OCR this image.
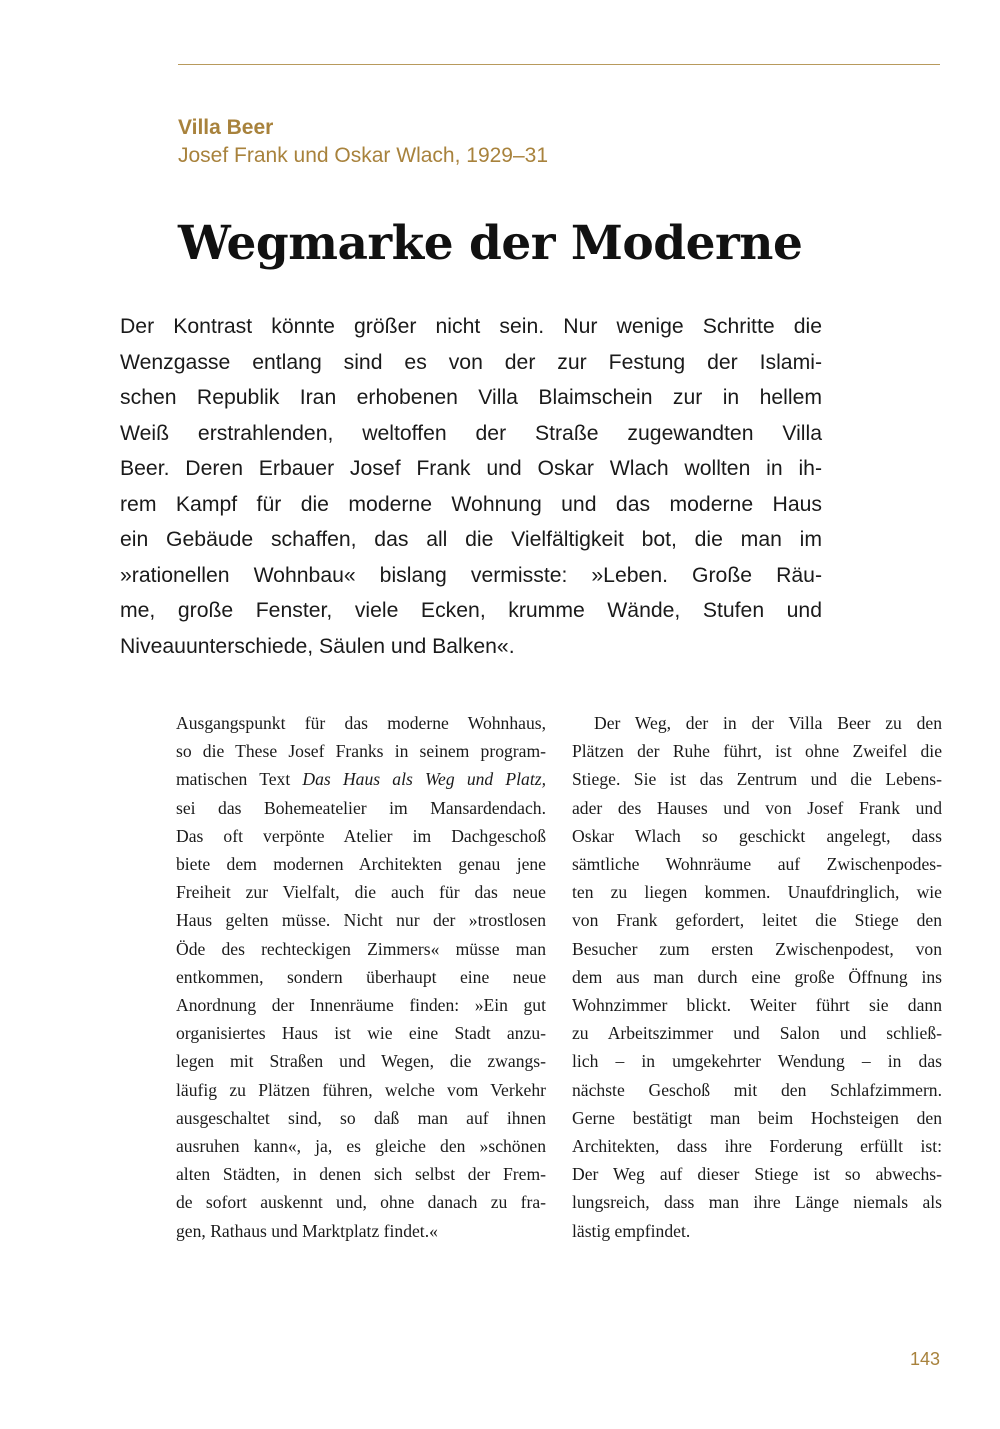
Villa Beer
Josef Frank und Oskar Wlach, 1929–31
Wegmarke der Moderne

Der Kontrast könnte größer nicht sein. Nur wenige Schritte die
Wenzgasse entlang sind es von der zur Festung der Islami-
schen Republik Iran erhobenen Villa Blaimschein zur in hellem
Weiß erstrahlenden, weltoffen der Straße zugewandten Villa
Beer. Deren Erbauer Josef Frank und Oskar Wlach wollten in ih-
rem Kampf für die moderne Wohnung und das moderne Haus
ein Gebäude schaffen, das all die Vielfältigkeit bot, die man im
»rationellen Wohnbau« bislang vermisste: »Leben. Große Räu-
me, große Fenster, viele Ecken, krumme Wände, Stufen und
Niveauunterschiede, Säulen und Balken«.

Ausgangspunkt für das moderne Wohnhaus,
so die These Josef Franks in seinem program-
matischen Text Das Haus als Weg und Platz,
sei das Bohemeatelier im Mansardendach.
Das oft verpönte Atelier im Dachgeschoß
biete dem modernen Architekten genau jene
Freiheit zur Vielfalt, die auch für das neue
Haus gelten müsse. Nicht nur der »trostlosen
Öde des rechteckigen Zimmers« müsse man
entkommen, sondern überhaupt eine neue
Anordnung der Innenräume finden: »Ein gut
organisiertes Haus ist wie eine Stadt anzu-
legen mit Straßen und Wegen, die zwangs-
läufig zu Plätzen führen, welche vom Verkehr
ausgeschaltet sind, so daß man auf ihnen
ausruhen kann«, ja, es gleiche den »schönen
alten Städten, in denen sich selbst der Frem-
de sofort auskennt und, ohne danach zu fra-
gen, Rathaus und Marktplatz findet.«

Der Weg, der in der Villa Beer zu den
Plätzen der Ruhe führt, ist ohne Zweifel die
Stiege. Sie ist das Zentrum und die Lebens-
ader des Hauses und von Josef Frank und
Oskar Wlach so geschickt angelegt, dass
sämtliche Wohnräume auf Zwischenpodes-
ten zu liegen kommen. Unaufdringlich, wie
von Frank gefordert, leitet die Stiege den
Besucher zum ersten Zwischenpodest, von
dem aus man durch eine große Öffnung ins
Wohnzimmer blickt. Weiter führt sie dann
zu Arbeitszimmer und Salon und schließ-
lich – in umgekehrter Wendung – in das
nächste Geschoß mit den Schlafzimmern.
Gerne bestätigt man beim Hochsteigen den
Architekten, dass ihre Forderung erfüllt ist:
Der Weg auf dieser Stiege ist so abwechs-
lungsreich, dass man ihre Länge niemals als
lästig empfindet.

143
